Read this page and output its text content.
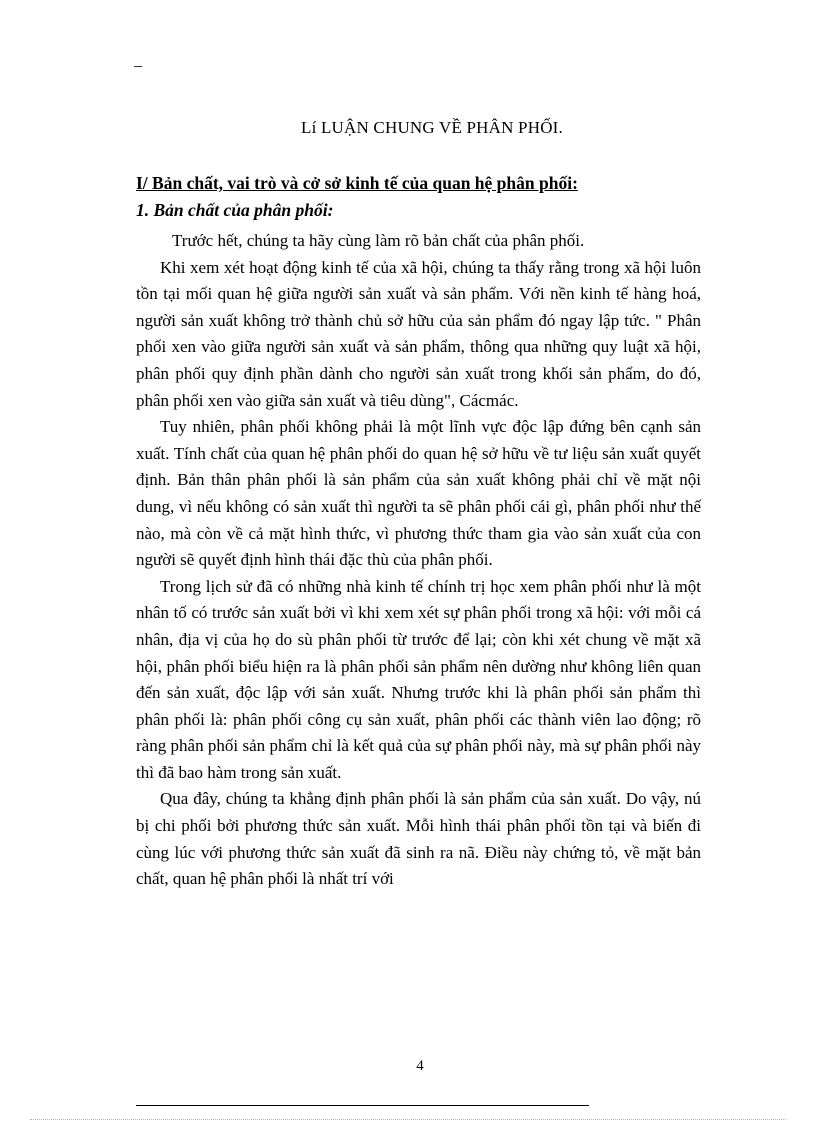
_
Lí LUẬN CHUNG VỀ PHÂN PHỐI.

I/ Bản chất, vai trò và cở sở kinh tế của quan hệ phân phối:

1. Bản chất của phân phối:

Trước hết, chúng ta hãy cùng làm rõ bản chất của phân phối.

Khi xem xét hoạt động kinh tế của xã hội, chúng ta thấy rằng trong xã hội luôn tồn tại mối quan hệ giữa người sản xuất và sản phẩm. Với nền kinh tế hàng hoá, người sản xuất không trở thành chủ sở hữu của sản phẩm đó ngay lập tức. " Phân phối xen vào giữa người sản xuất và sản phẩm, thông qua những quy luật xã hội, phân phối quy định phần dành cho người sản xuất trong khối sản phẩm, do đó, phân phối xen vào giữa sản xuất và tiêu dùng", Cácmác.

Tuy nhiên, phân phối không phải là một lĩnh vực độc lập đứng bên cạnh sản xuất. Tính chất của quan hệ phân phối do quan hệ sở hữu về tư liệu sản xuất quyết định. Bản thân phân phối là sản phẩm của sản xuất không phải chỉ về mặt nội dung, vì nếu không có sản xuất thì người ta sẽ phân phối cái gì, phân phối như thế nào, mà còn về cả mặt hình thức, vì phương thức tham gia vào sản xuất của con người sẽ quyết định hình thái đặc thù của phân phối.

Trong lịch sử đã có những nhà kinh tế chính trị học xem phân phối như là một nhân tố có trước sản xuất bởi vì khi xem xét sự phân phối trong xã hội: với mỗi cá nhân, địa vị của họ do sù phân phối từ trước để lại; còn khi xét chung về mặt xã hội, phân phối biểu hiện ra là phân phối sản phẩm nên dường như không liên quan đến sản xuất, độc lập với sản xuất. Nhưng trước khi là phân phối sản phẩm thì phân phối là: phân phối công cụ sản xuất, phân phối các thành viên lao động; rõ ràng phân phối sản phẩm chỉ là kết quả của sự phân phối này, mà sự phân phối này thì đã bao hàm trong sản xuất.

Qua đây, chúng ta khẳng định phân phối là sản phẩm của sản xuất. Do vậy, nú bị chi phối bởi phương thức sản xuất. Mỗi hình thái phân phối tồn tại và biến đi cùng lúc với phương thức sản xuất đã sinh ra nã. Điều này chứng tỏ, về mặt bản chất, quan hệ phân phối là nhất trí với

4
